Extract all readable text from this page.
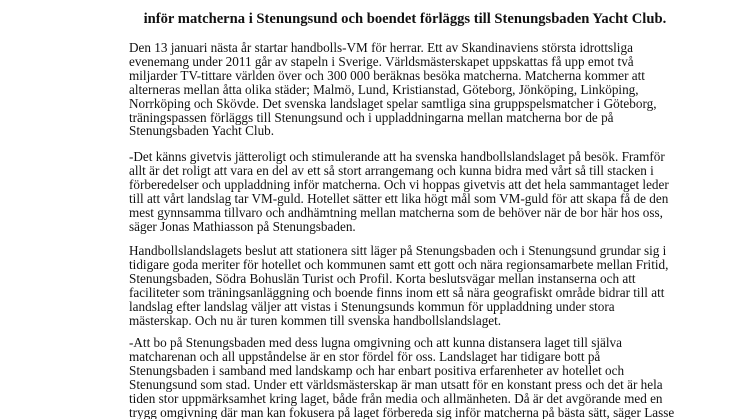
inför matcherna i Stenungsund och boendet förläggs till Stenungsbaden Yacht Club.

Den 13 januari nästa år startar handbolls-VM för herrar. Ett av Skandinaviens största idrottsliga
evenemang under 2011 går av stapeln i Sverige. Världsmästerskapet uppskattas få upp emot två
miljarder TV-tittare världen över och 300 000 beräknas besöka matcherna. Matcherna kommer att
alterneras mellan åtta olika städer; Malmö, Lund, Kristianstad, Göteborg, Jönköping, Linköping,
Norrköping och Skövde. Det svenska landslaget spelar samtliga sina gruppspelsmatcher i Göteborg,
träningspassen förläggs till Stenungsund och i uppladdningarna mellan matcherna bor de på
Stenungsbaden Yacht Club.
-Det känns givetvis jätteroligt och stimulerande att ha svenska handbollslandslaget på besök. Framför
allt är det roligt att vara en del av ett så stort arrangemang och kunna bidra med vårt så till stacken i
förberedelser och uppladdning inför matcherna. Och vi hoppas givetvis att det hela sammantaget leder
till att vårt landslag tar VM-guld. Hotellet sätter ett lika högt mål som VM-guld för att skapa få de den
mest gynnsamma tillvaro och andhämtning mellan matcherna som de behöver när de bor här hos oss,
säger Jonas Mathiasson på Stenungsbaden.
Handbollslandslagets beslut att stationera sitt läger på Stenungsbaden och i Stenungsund grundar sig i
tidigare goda meriter för hotellet och kommunen samt ett gott och nära regionsamarbete mellan Fritid,
Stenungsbaden, Södra Bohuslän Turist och Profil. Korta beslutsvägar mellan instanserna och att
faciliteter som träningsanläggning och boende finns inom ett så nära geografiskt område bidrar till att
landslag efter landslag väljer att vistas i Stenungsunds kommun för uppladdning under stora
mästerskap. Och nu är turen kommen till svenska handbollslandslaget.
-Att bo på Stenungsbaden med dess lugna omgivning och att kunna distansera laget till själva
matcharenan och all uppståndelse är en stor fördel för oss. Landslaget har tidigare bott på
Stenungsbaden i samband med landskamp och har enbart positiva erfarenheter av hotellet och
Stenungsund som stad. Under ett världsmästerskap är man utsatt för en konstant press och det är hela
tiden stor uppmärksamhet kring laget, både från media och allmänheten. Då är det avgörande med en
trygg omgivning där man kan fokusera på laget förbereda sig inför matcherna på bästa sätt, säger Lasse
